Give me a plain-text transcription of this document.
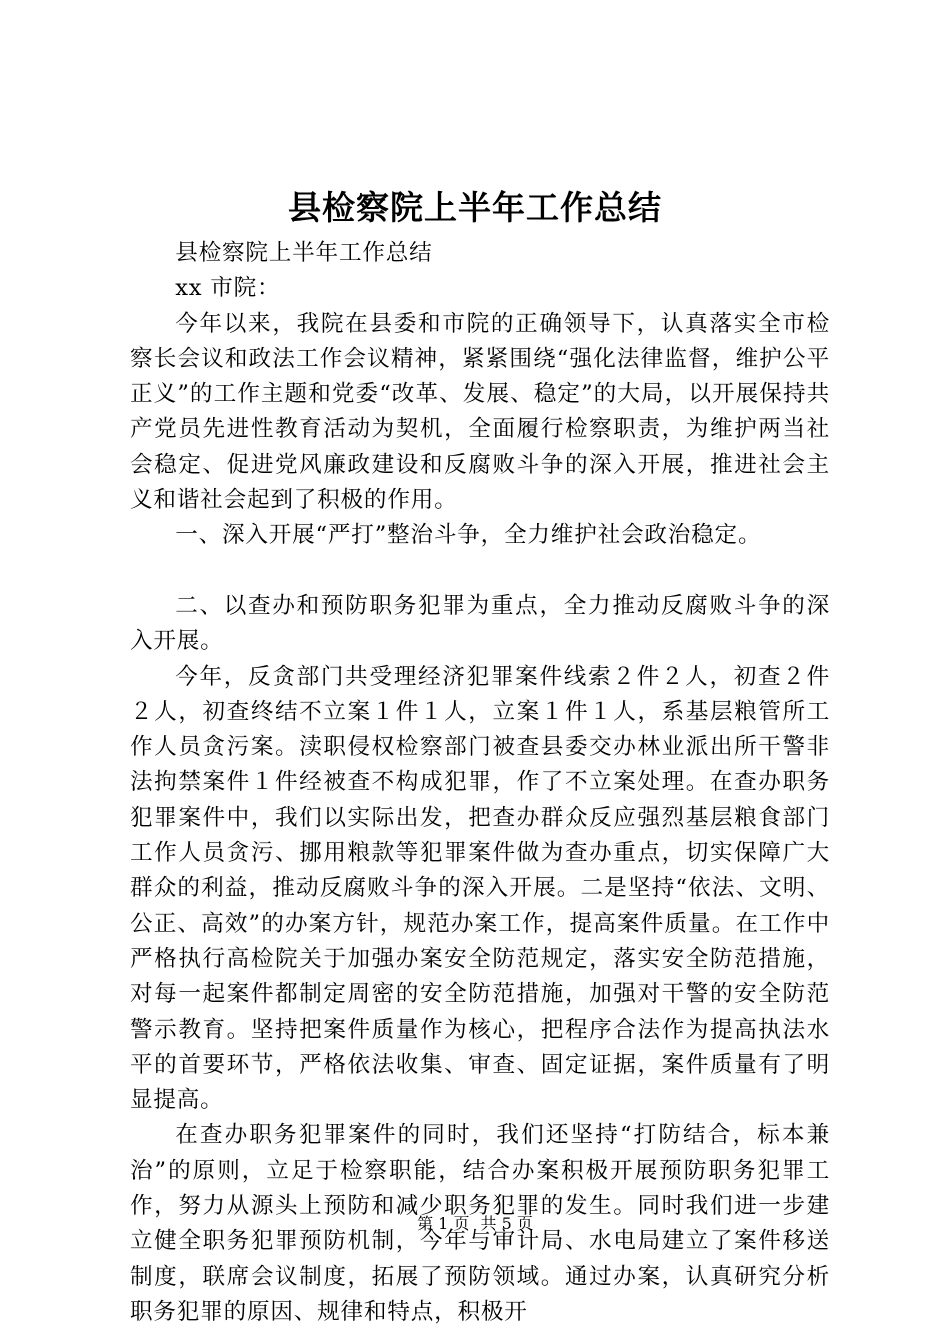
县检察院上半年工作总结

县检察院上半年工作总结

xx 市院：

今年以来，我院在县委和市院的正确领导下，认真落实全市检察长会议和政法工作会议精神，紧紧围绕“强化法律监督，维护公平正义”的工作主题和党委“改革、发展、稳定”的大局，以开展保持共产党员先进性教育活动为契机，全面履行检察职责，为维护两当社会稳定、促进党风廉政建设和反腐败斗争的深入开展，推进社会主义和谐社会起到了积极的作用。

一、深入开展“严打”整治斗争，全力维护社会政治稳定。

二、以查办和预防职务犯罪为重点，全力推动反腐败斗争的深入开展。

今年，反贪部门共受理经济犯罪案件线索２件２人，初查２件２人，初查终结不立案１件１人，立案１件１人，系基层粮管所工作人员贪污案。渎职侵权检察部门被查县委交办林业派出所干警非法拘禁案件１件经被查不构成犯罪，作了不立案处理。在查办职务犯罪案件中，我们以实际出发，把查办群众反应强烈基层粮食部门工作人员贪污、挪用粮款等犯罪案件做为查办重点，切实保障广大群众的利益，推动反腐败斗争的深入开展。二是坚持“依法、文明、公正、高效”的办案方针，规范办案工作，提高案件质量。在工作中严格执行高检院关于加强办案安全防范规定，落实安全防范措施，对每一起案件都制定周密的安全防范措施，加强对干警的安全防范警示教育。坚持把案件质量作为核心，把程序合法作为提高执法水平的首要环节，严格依法收集、审查、固定证据，案件质量有了明显提高。

在查办职务犯罪案件的同时，我们还坚持“打防结合，标本兼治”的原则，立足于检察职能，结合办案积极开展预防职务犯罪工作，努力从源头上预防和减少职务犯罪的发生。同时我们进一步建立健全职务犯罪预防机制，今年与审计局、水电局建立了案件移送制度，联席会议制度，拓展了预防领域。通过办案，认真研究分析职务犯罪的原因、规律和特点，积极开

第 1 页 共 5 页
